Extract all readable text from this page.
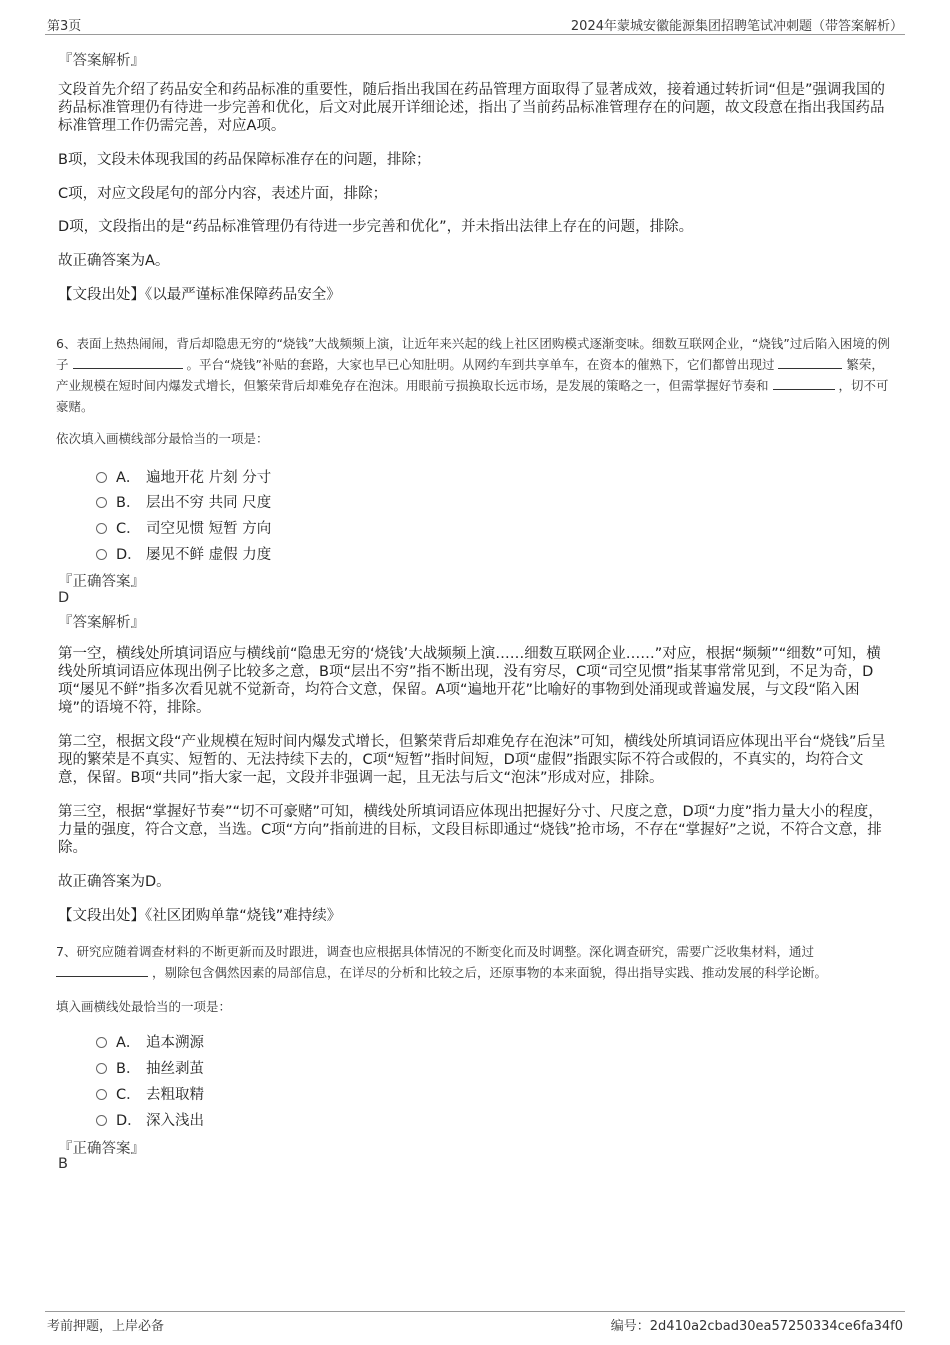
第3页	2024年蒙城安徽能源集团招聘笔试冲刺题（带答案解析）
『答案解析』
文段首先介绍了药品安全和药品标准的重要性，随后指出我国在药品管理方面取得了显著成效，接着通过转折词“但是”强调我国的药品标准管理仍有待进一步完善和优化，后文对此展开详细论述，指出了当前药品标准管理存在的问题，故文段意在指出我国药品标准管理工作仍需完善，对应A项。
B项，文段未体现我国的药品保障标准存在的问题，排除；
C项，对应文段尾句的部分内容，表述片面，排除；
D项，文段指出的是“药品标准管理仍有待进一步完善和优化”，并未指出法律上存在的问题，排除。
故正确答案为A。
【文段出处】《以最严谨标准保障药品安全》
6、表面上热热闹闹，背后却隐患无穷的“烧钱”大战频频上演，让近年来兴起的线上社区团购模式逐渐变味。细数互联网企业，“烧钱”过后陷入困境的例子	。平台“烧钱”补贴的套路，大家也早已心知肚明。从网约车到共享单车，在资本的催熟下，它们都曾出现过	繁荣，产业规模在短时间内爆发式增长，但繁荣背后却难免存在泡沫。用眼前亏损换取长远市场，是发展的策略之一，但需掌握好节奏和	，切不可豪赌。
依次填入画横线部分最恰当的一项是：
A． 遍地开花 片刻 分寸
B． 层出不穷 共同 尺度
C． 司空见惯 短暂 方向
D． 屡见不鲜 虚假 力度
『正确答案』
D
『答案解析』
第一空，横线处所填词语应与横线前“隐患无穷的‘烧钱’大战频频上演……细数互联网企业……”对应，根据“频频”“细数”可知，横线处所填词语应体现出例子比较多之意，B项“层出不穷”指不断出现，没有穷尽，C项“司空见惯”指某事常常见到，不足为奇，D项“屡见不鲜”指多次看见就不觉新奇，均符合文意，保留。A项“遍地开花”比喻好的事物到处涌现或普遍发展，与文段“陷入困境”的语境不符，排除。
第二空，根据文段“产业规模在短时间内爆发式增长，但繁荣背后却难免存在泡沫”可知，横线处所填词语应体现出平台“烧钱”后呈现的繁荣是不真实、短暂的、无法持续下去的，C项“短暂”指时间短，D项“虚假”指跟实际不符合或假的，不真实的，均符合文意，保留。B项“共同”指大家一起，文段并非强调一起，且无法与后文“泡沫”形成对应，排除。
第三空，根据“掌握好节奏”“切不可豪赌”可知，横线处所填词语应体现出把握好分寸、尺度之意，D项“力度”指力量大小的程度，力量的强度，符合文意，当选。C项“方向”指前进的目标，文段目标即通过“烧钱”抢市场，不存在“掌握好”之说，不符合文意，排除。
故正确答案为D。
【文段出处】《社区团购单靠“烧钱”难持续》
7、研究应随着调查材料的不断更新而及时跟进，调查也应根据具体情况的不断变化而及时调整。深化调查研究，需要广泛收集材料，通过  ，剔除包含偶然因素的局部信息，在详尽的分析和比较之后，还原事物的本来面貌，得出指导实践、推动发展的科学论断。
填入画横线处最恰当的一项是：
A． 追本溯源
B． 抽丝剥茧
C． 去粗取精
D． 深入浅出
『正确答案』
B
考前押题，上岸必备	编号：2d410a2cbad30ea57250334ce6fa34f0
